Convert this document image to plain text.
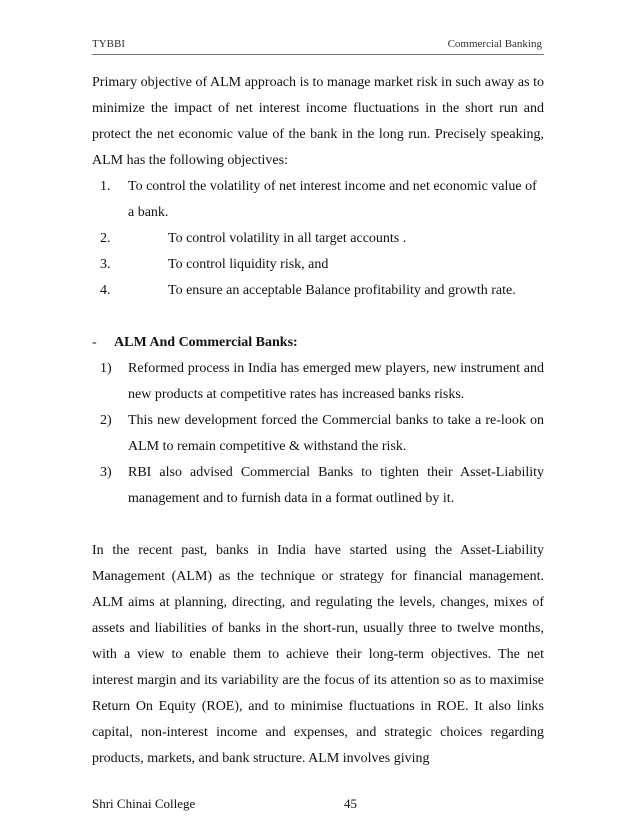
TYBBI	Commercial Banking

Primary objective of ALM approach is to manage market risk in such away as to minimize the impact of net interest income fluctuations in the short run and protect the net economic value of the bank in the long run. Precisely speaking, ALM has the following objectives:

1. To control the volatility of net interest income and net economic value of a bank.
2.	To control volatility in all target accounts .
3.	To control liquidity risk, and
4.	To ensure an acceptable Balance profitability and growth rate.

- ALM And Commercial Banks:

1) Reformed process in India has emerged mew players, new instrument and new products at competitive rates has increased banks risks.
2) This new development forced the Commercial banks to take a re-look on ALM to remain competitive & withstand the risk.
3) RBI also advised Commercial Banks to tighten their Asset-Liability management and to furnish data in a format outlined by it.

In the recent past, banks in India have started using the Asset-Liability Management (ALM) as the technique or strategy for financial management. ALM aims at planning, directing, and regulating the levels, changes, mixes of assets and liabilities of banks in the short-run, usually three to twelve months, with a view to enable them to achieve their long-term objectives. The net interest margin and its variability are the focus of its attention so as to maximise Return On Equity (ROE), and to minimise fluctuations in ROE. It also links capital, non-interest income and expenses, and strategic choices regarding products, markets, and bank structure. ALM involves giving

Shri Chinai College	45
